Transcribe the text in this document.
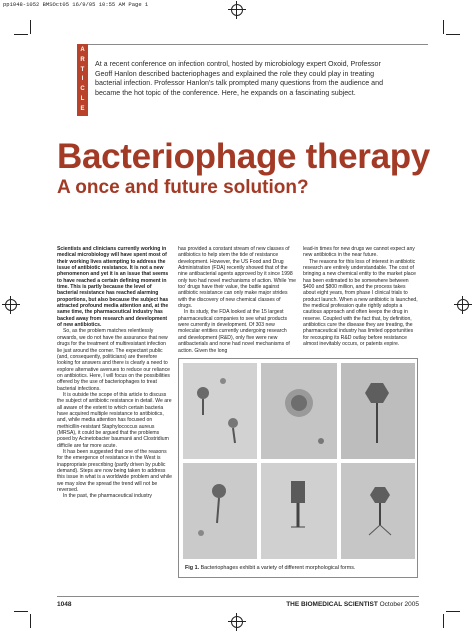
pp1048-1052 BMSOct05 16/9/05 10:55 AM Page 1
A
R
T
I
C
L
E

At a recent conference on infection control, hosted by microbiology expert Oxoid, Professor Geoff Hanlon described bacteriophages and explained the role they could play in treating bacterial infection. Professor Hanlon's talk prompted many questions from the audience and became the hot topic of the conference. Here, he expands on a fascinating subject.

Bacteriophage therapy
A once and future solution?

Scientists and clinicians currently working in medical microbiology will have spent most of their working lives attempting to address the issue of antibiotic resistance. It is not a new phenomenon and yet it is an issue that seems to have reached a certain defining moment in time. This is partly because the level of bacterial resistance has reached alarming proportions, but also because the subject has attracted profound media attention and, at the same time, the pharmaceutical industry has backed away from research and development of new antibiotics.

So, as the problem matches relentlessly onwards, we do not have the assurance that new drugs for the treatment of multiresistant infection lie just around the corner. The expectant public (and, consequently, politicians) are therefore looking for answers and there is clearly a need to explore alternative avenues to reduce our reliance on antibiotics. Here, I will focus on the possibilities offered by the use of bacteriophages to treat bacterial infections.

It is outside the scope of this article to discuss the subject of antibiotic resistance in detail. We are all aware of the extent to which certain bacteria have acquired multiple resistance to antibiotics, and, while media attention has focused on methicillin-resistant Staphylococcus aureus (MRSA), it could be argued that the problems posed by Acinetobacter baumanii and Clostridium difficile are far more acute.

It has been suggested that one of the reasons for the emergence of resistance in the West is inappropriate prescribing (partly driven by public demand). Steps are now being taken to address this issue in what is a worldwide problem and while we may slow the spread the trend will not be reversed.

In the past, the pharmaceutical industry

has provided a constant stream of new classes of antibiotics to help stem the tide of resistance development. However, the US Food and Drug Administration (FDA) recently showed that of the nine antibacterial agents approved by it since 1998 only two had novel mechanisms of action. While 'me too' drugs have their value, the battle against antibiotic resistance can only make major strides with the discovery of new chemical classes of drugs.

In its study, the FDA looked at the 15 largest pharmaceutical companies to see what products were currently in development. Of 303 new molecular entities currently undergoing research and development (R&D), only five were new antibacterials and none had novel mechanisms of action. Given the long

lead-in times for new drugs we cannot expect any new antibiotics in the near future.

The reasons for this loss of interest in antibiotic research are entirely understandable. The cost of bringing a new chemical entity to the market place has been estimated to be somewhere between $400 and $800 million, and the process takes about eight years, from phase I clinical trials to product launch. When a new antibiotic is launched, the medical profession quite rightly adopts a cautious approach and often keeps the drug in reserve. Coupled with the fact that, by definition, antibiotics cure the disease they are treating, the pharmaceutical industry has limited opportunities for recouping its R&D outlay before resistance almost inevitably occurs, or patents expire.

Fig 1. Bacteriophages exhibit a variety of different morphological forms.
1048	THE BIOMEDICAL SCIENTIST October 2005
